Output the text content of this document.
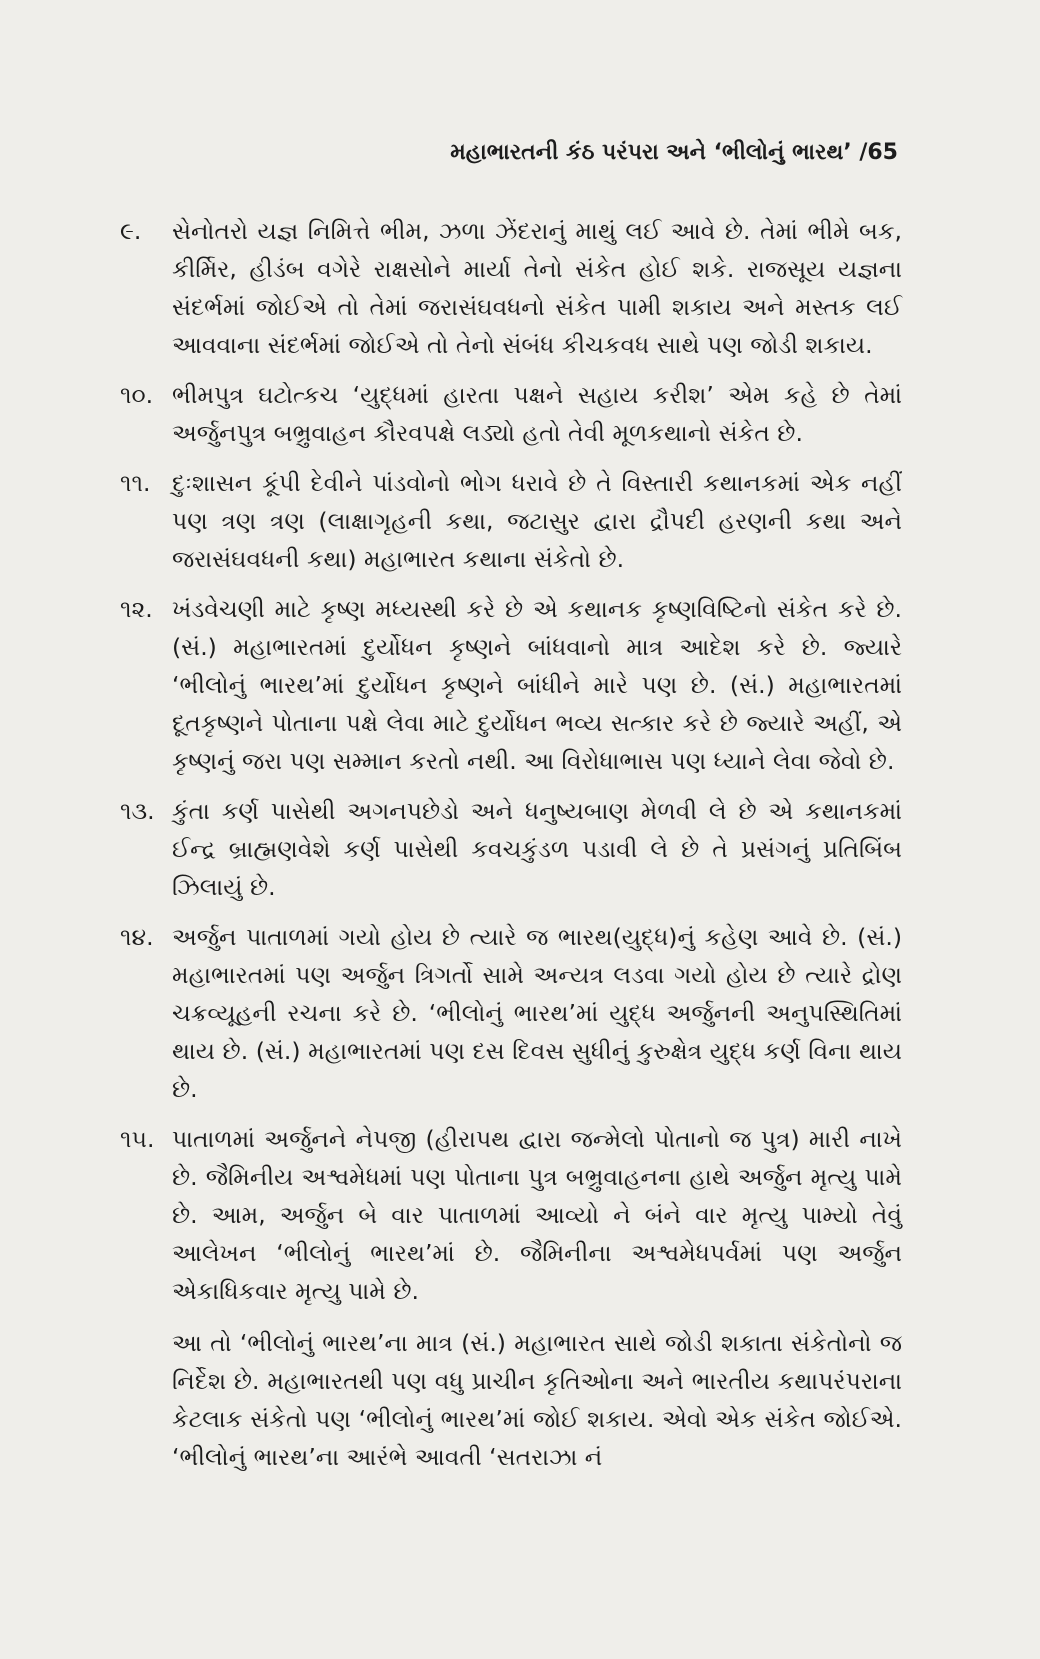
મહાભારતની કંઠ પરંપરા અને ‘ભીલોનું ભારથ’ /65
૯.	સેનોતરો યજ્ઞ નિમિત્તે ભીમ, ઝળા ઝેંદરાનું માથું લઈ આવે છે. તેમાં ભીમે બક, કીર્મિર, હીડંબ વગેરે રાક્ષસોને માર્યા તેનો સંકેત હોઈ શકે. રાજસૂય યજ્ઞના સંદર્ભમાં જોઈએ તો તેમાં જરાસંઘવધનો સંકેત પામી શકાય અને મસ્તક લઈ આવવાના સંદર્ભમાં જોઈએ તો તેનો સંબંધ કીચકવધ સાથે પણ જોડી શકાય.
૧૦. ભીમપુત્ર ઘટોત્કચ ‘યુદ્ધમાં હારતા પક્ષને સહાય કરીશ’ એમ કહે છે તેમાં અર્જુનપુત્ર બભ્રુવાહન કૌરવપક્ષે લડ્યો હતો તેવી મૂળકથાનો સંકેત છે.
૧૧. દુઃશાસન કૂંપી દેવીને પાંડવોનો ભોગ ધરાવે છે તે વિસ્તારી કથાનકમાં એક નહીં પણ ત્રણ ત્રણ (લાક્ષાગૃહની કથા, જટાસુર દ્વારા દ્રૌપદી હરણની કથા અને જરાસંઘવધની કથા) મહાભારત કથાના સંકેતો છે.
૧૨. ખંડવેચણી માટે કૃષ્ણ મધ્યસ્થી કરે છે એ કથાનક કૃષ્ણવિષ્ટિનો સંકેત કરે છે. (સં.) મહાભારતમાં દુર્યોધન કૃષ્ણને બાંધવાનો માત્ર આદેશ કરે છે. જ્યારે ‘ભીલોનું ભારથ’માં દુર્યોધન કૃષ્ણને બાંધીને મારે પણ છે. (સં.) મહાભારતમાં દૂતકૃષ્ણને પોતાના પક્ષે લેવા માટે દુર્યોધન ભવ્ય સત્કાર કરે છે જ્યારે અહીં, એ કૃષ્ણનું જરા પણ સમ્માન કરતો નથી. આ વિરોધાભાસ પણ ધ્યાને લેવા જેવો છે.
૧૩. કુંતા કર્ણ પાસેથી અગનપછેડો અને ધનુષ્યબાણ મેળવી લે છે એ કથાનકમાં ઈન્દ્ર બ્રાહ્મણવેશે કર્ણ પાસેથી કવચકુંડળ પડાવી લે છે તે પ્રસંગનું પ્રતિબિંબ ઝિલાયું છે.
૧૪. અર્જુન પાતાળમાં ગયો હોય છે ત્યારે જ ભારથ(યુદ્ધ)નું કહેણ આવે છે. (સં.) મહાભારતમાં પણ અર્જુન ત્રિગર્તો સામે અન્યત્ર લડવા ગયો હોય છે ત્યારે દ્રોણ ચક્રવ્યૂહની રચના કરે છે. ‘ભીલોનું ભારથ’માં યુદ્ધ અર્જુનની અનુપસ્થિતિમાં થાય છે. (સં.) મહાભારતમાં પણ દસ દિવસ સુધીનું કુરુક્ષેત્ર યુદ્ધ કર્ણ વિના થાય છે.
૧૫. પાતાળમાં અર્જુનને નેપજી (હીરાપથ દ્વારા જન્મેલો પોતાનો જ પુત્ર) મારી નાખે છે. જૈમિનીય અશ્વમેધમાં પણ પોતાના પુત્ર બભ્રુવાહનના હાથે અર્જુન મૃત્યુ પામે છે. આમ, અર્જુન બે વાર પાતાળમાં આવ્યો ને બંને વાર મૃત્યુ પામ્યો તેવું આલેખન ‘ભીલોનું ભારથ’માં છે. જૈમિનીના અશ્વમેધપર્વમાં પણ અર્જુન એકાધિકવાર મૃત્યુ પામે છે.
આ તો ‘ભીલોનું ભારથ’ના માત્ર (સં.) મહાભારત સાથે જોડી શકાતા સંકેતોનો જ નિર્દેશ છે. મહાભારતથી પણ વધુ પ્રાચીન કૃતિઓના અને ભારતીય કથાપરંપરાના કેટલાક સંકેતો પણ ‘ભીલોનું ભારથ’માં જોઈ શકાય. એવો એક સંકેત જોઈએ. ‘ભીલોનું ભારથ’ના આરંભે આવતી ‘સતરાઝા નં
